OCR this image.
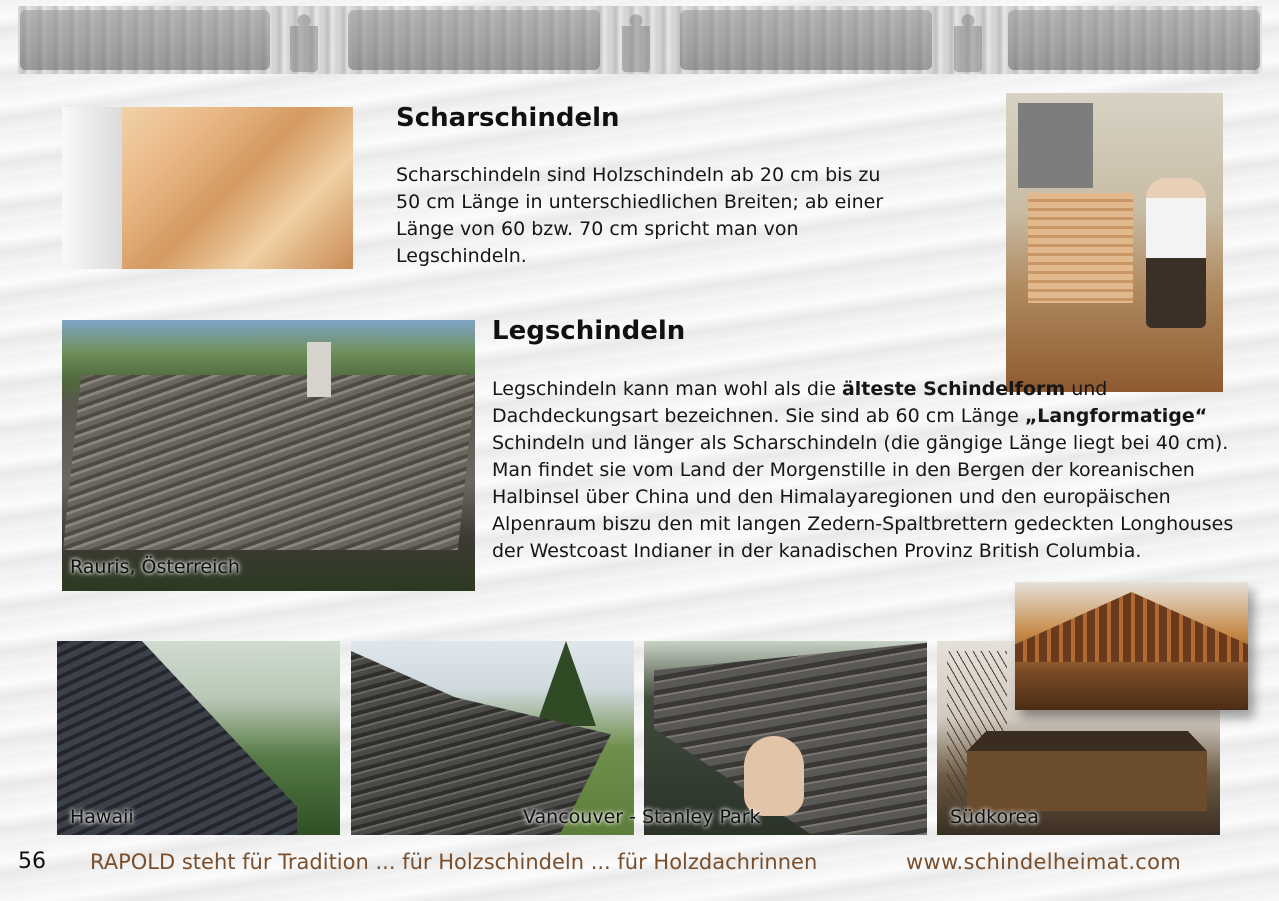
Scharschindeln

Scharschindeln sind Holzschindeln ab 20 cm bis zu 50 cm Länge in unterschiedlichen Breiten; ab einer Länge von 60 bzw. 70 cm spricht man von Legschindeln.

Rauris, Österreich
Legschindeln

Legschindeln kann man wohl als die älteste Schindelform und Dachdeckungsart bezeichnen. Sie sind ab 60 cm Länge „Langformatige“ Schindeln und länger als Scharschindeln (die gängige Länge liegt bei 40 cm). Man findet sie vom Land der Morgenstille in den Bergen der koreanischen Halbinsel über China und den Himalayaregionen und den europäischen Alpenraum biszu den mit langen Zedern-Spaltbrettern gedeckten Longhouses der Westcoast Indianer in der kanadischen Provinz British Columbia.

Hawaii	Vancouver - Stanley Park	Südkorea
56 RAPOLD steht für Tradition ... für Holzschindeln ... für Holzdachrinnen	www.schindelheimat.com
